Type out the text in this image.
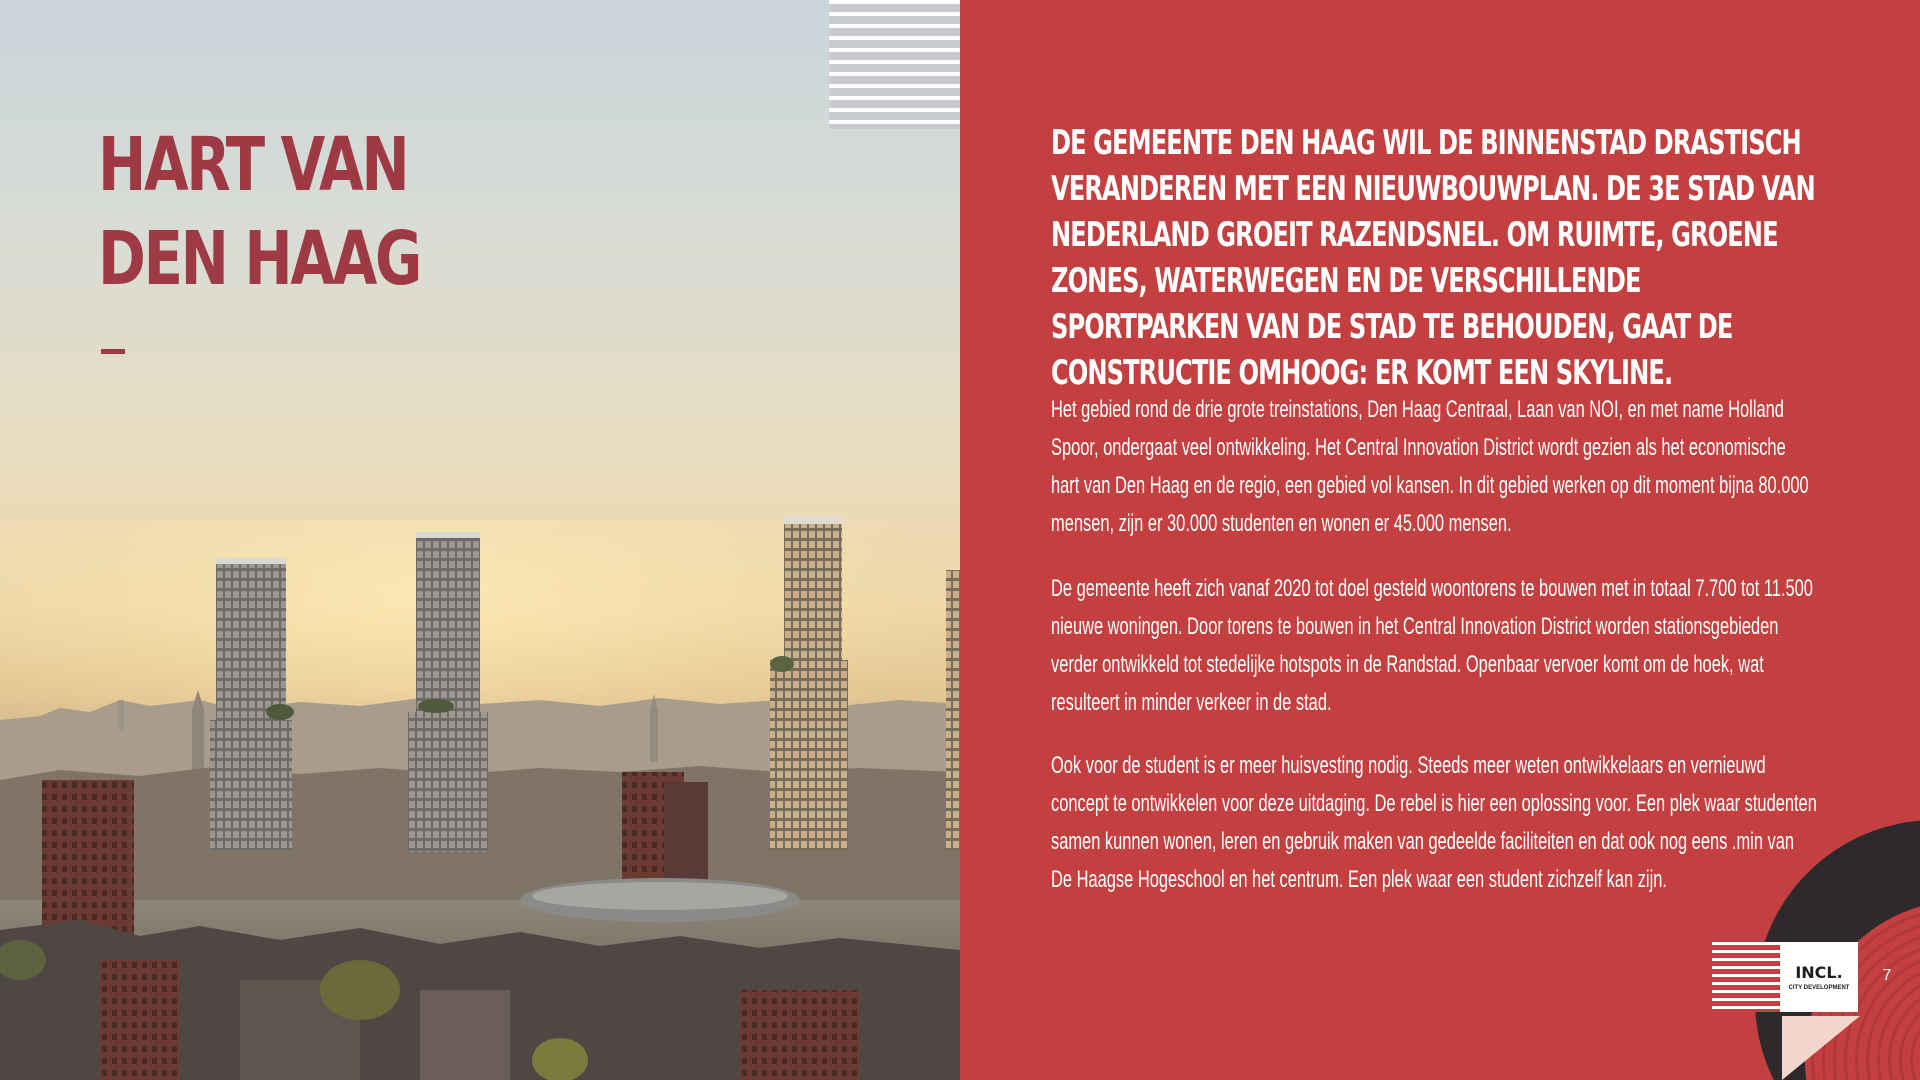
HART VAN
DEN HAAG
DE GEMEENTE DEN HAAG WIL DE BINNENSTAD DRASTISCH VERANDEREN MET EEN NIEUWBOUWPLAN. DE 3E STAD VAN NEDERLAND GROEIT RAZENDSNEL. OM RUIMTE, GROENE ZONES, WATERWEGEN EN DE VERSCHILLENDE SPORTPARKEN VAN DE STAD TE BEHOUDEN, GAAT DE CONSTRUCTIE OMHOOG: ER KOMT EEN SKYLINE.

Het gebied rond de drie grote treinstations, Den Haag Centraal, Laan van NOI, en met name Holland Spoor, ondergaat veel ontwikkeling. Het Central Innovation District wordt gezien als het economische hart van Den Haag en de regio, een gebied vol kansen. In dit gebied werken op dit moment bijna 80.000 mensen, zijn er 30.000 studenten en wonen er 45.000 mensen.

De gemeente heeft zich vanaf 2020 tot doel gesteld woontorens te bouwen met in totaal 7.700 tot 11.500 nieuwe woningen. Door torens te bouwen in het Central Innovation District worden stationsgebieden verder ontwikkeld tot stedelijke hotspots in de Randstad. Openbaar vervoer komt om de hoek, wat resulteert in minder verkeer in de stad.

Ook voor de student is er meer huisvesting nodig. Steeds meer weten ontwikkelaars en vernieuwd concept te ontwikkelen voor deze uitdaging. De rebel is hier een oplossing voor. Een plek waar studenten samen kunnen wonen, leren en gebruik maken van gedeelde faciliteiten en dat ook nog eens .min van De Haagse Hogeschool en het centrum. Een plek waar een student zichzelf kan zijn.

INCL.
CITY DEVELOPMENT
7
